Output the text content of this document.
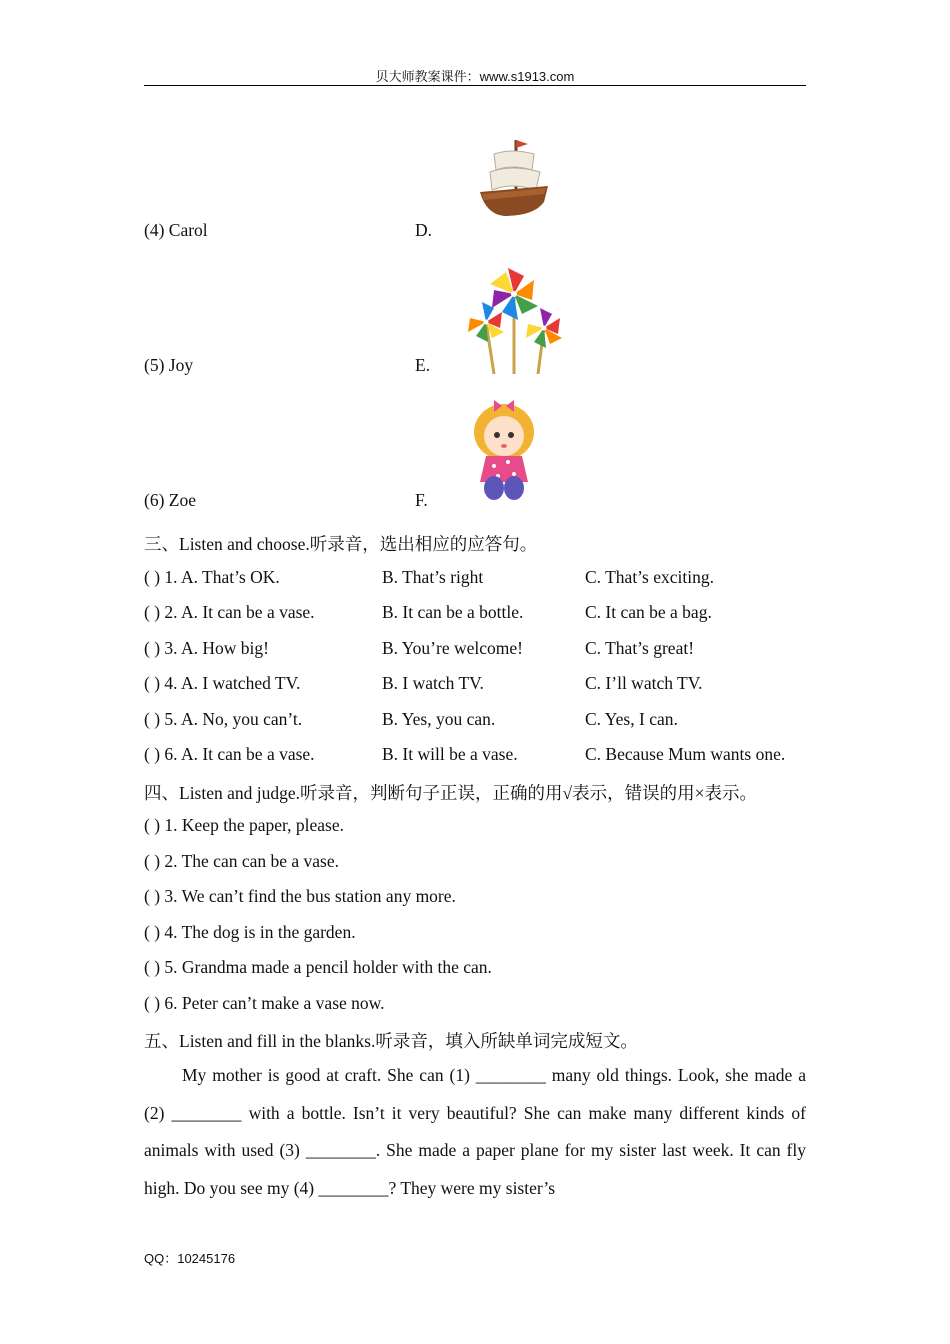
贝大师教案课件：www.s1913.com
(4) Carol	D.
(5) Joy	E.
(6) Zoe	F.
三、Listen and choose.听录音，选出相应的应答句。
( ) 1. A. That’s OK.	B. That’s right	C. That’s exciting.
( ) 2. A. It can be a vase.	B. It can be a bottle.	C. It can be a bag.
( ) 3. A. How big!	B. You’re welcome!	C. That’s great!
( ) 4. A. I watched TV.	B. I watch TV.	C. I’ll watch TV.
( ) 5. A. No, you can’t.	B. Yes, you can.	C. Yes, I can.
( ) 6. A. It can be a vase.	B. It will be a vase.	C. Because Mum wants one.
四、Listen and judge.听录音，判断句子正误，正确的用√表示，错误的用×表示。
( ) 1. Keep the paper, please.
( ) 2. The can can be a vase.
( ) 3. We can’t find the bus station any more.
( ) 4. The dog is in the garden.
( ) 5. Grandma made a pencil holder with the can.
( ) 6. Peter can’t make a vase now.
五、Listen and fill in the blanks.听录音，填入所缺单词完成短文。

My mother is good at craft. She can (1) ________ many old things. Look, she made a (2) ________ with a bottle. Isn’t it very beautiful? She can make many different kinds of animals with used (3) ________. She made a paper plane for my sister last week. It can fly high. Do you see my (4) ________? They were my sister’s

QQ：10245176
